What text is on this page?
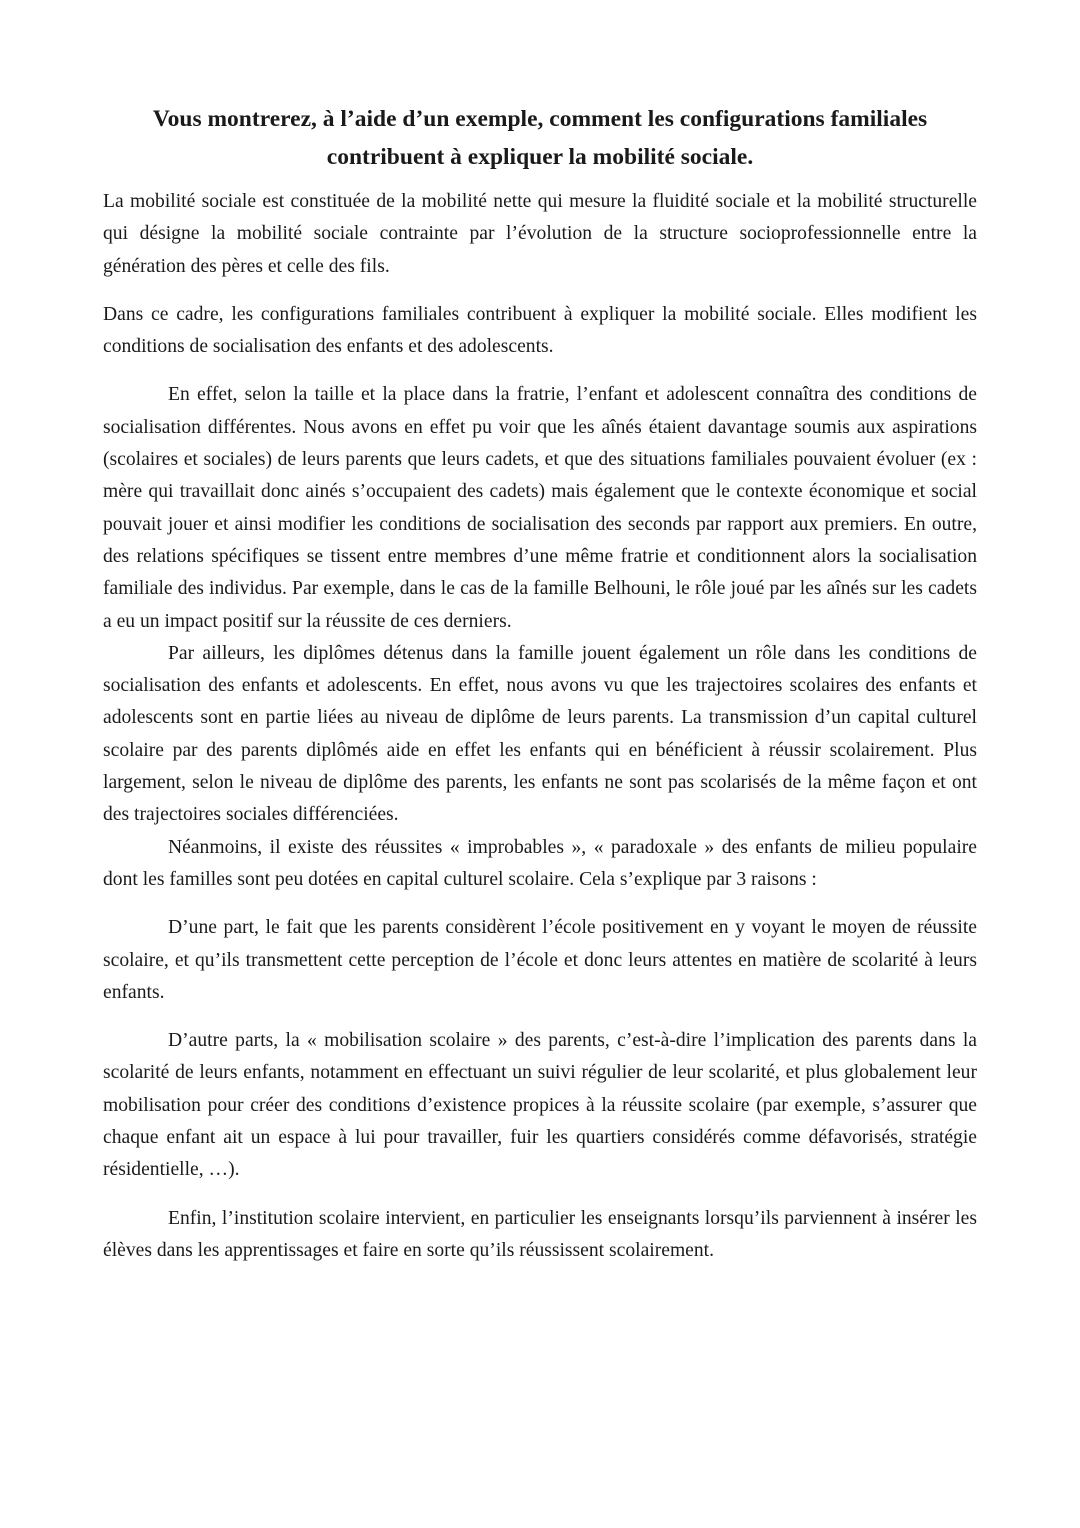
Vous montrerez, à l’aide d’un exemple, comment les configurations familiales contribuent à expliquer la mobilité sociale.

La mobilité sociale est constituée de la mobilité nette qui mesure la fluidité sociale et la mobilité structurelle qui désigne la mobilité sociale contrainte par l’évolution de la structure socioprofessionnelle entre la génération des pères et celle des fils.

Dans ce cadre, les configurations familiales contribuent à expliquer la mobilité sociale. Elles modifient les conditions de socialisation des enfants et des adolescents.

En effet, selon la taille et la place dans la fratrie, l’enfant et adolescent connaîtra des conditions de socialisation différentes. Nous avons en effet pu voir que les aînés étaient davantage soumis aux aspirations (scolaires et sociales) de leurs parents que leurs cadets, et que des situations familiales pouvaient évoluer (ex : mère qui travaillait donc ainés s’occupaient des cadets) mais également que le contexte économique et social pouvait jouer et ainsi modifier les conditions de socialisation des seconds par rapport aux premiers. En outre, des relations spécifiques se tissent entre membres d’une même fratrie et conditionnent alors la socialisation familiale des individus. Par exemple, dans le cas de la famille Belhouni, le rôle joué par les aînés sur les cadets a eu un impact positif sur la réussite de ces derniers.

Par ailleurs, les diplômes détenus dans la famille jouent également un rôle dans les conditions de socialisation des enfants et adolescents. En effet, nous avons vu que les trajectoires scolaires des enfants et adolescents sont en partie liées au niveau de diplôme de leurs parents. La transmission d’un capital culturel scolaire par des parents diplômés aide en effet les enfants qui en bénéficient à réussir scolairement. Plus largement, selon le niveau de diplôme des parents, les enfants ne sont pas scolarisés de la même façon et ont des trajectoires sociales différenciées.

Néanmoins, il existe des réussites « improbables », « paradoxale » des enfants de milieu populaire dont les familles sont peu dotées en capital culturel scolaire. Cela s’explique par 3 raisons :

D’une part, le fait que les parents considèrent l’école positivement en y voyant le moyen de réussite scolaire, et qu’ils transmettent cette perception de l’école et donc leurs attentes en matière de scolarité à leurs enfants.

D’autre parts, la « mobilisation scolaire » des parents, c’est-à-dire l’implication des parents dans la scolarité de leurs enfants, notamment en effectuant un suivi régulier de leur scolarité, et plus globalement leur mobilisation pour créer des conditions d’existence propices à la réussite scolaire (par exemple, s’assurer que chaque enfant ait un espace à lui pour travailler, fuir les quartiers considérés comme défavorisés, stratégie résidentielle, …).

Enfin, l’institution scolaire intervient, en particulier les enseignants lorsqu’ils parviennent à insérer les élèves dans les apprentissages et faire en sorte qu’ils réussissent scolairement.
